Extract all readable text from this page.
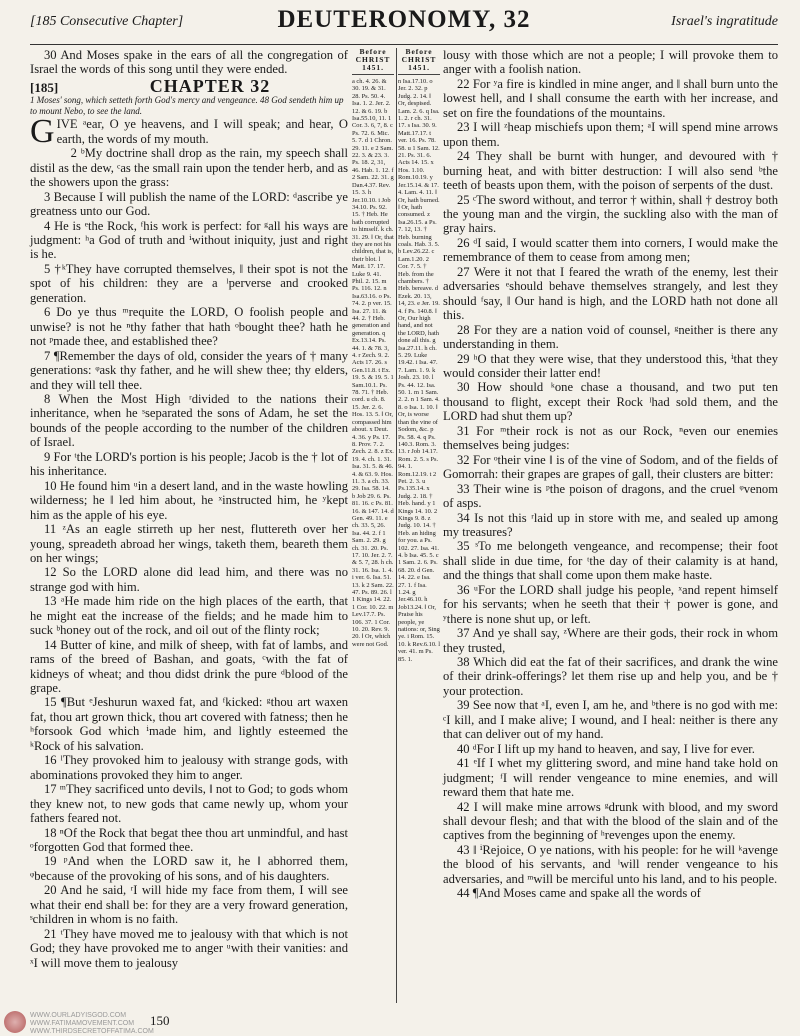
[185 Consecutive Chapter]	DEUTERONOMY, 32	Israel's ingratitude

30 And Moses spake in the ears of all the congregation of Israel the words of this song until they were ended.

[185]	CHAPTER 32

1 Moses' song, which setteth forth God's mercy and vengeance. 48 God sendeth him up to mount Nebo, to see the land.

GIVE ᵃear, O ye heavens, and I will speak; and hear, O earth, the words of my mouth.

2 ᵇMy doctrine shall drop as the rain, my speech shall distil as the dew, ᶜas the small rain upon the tender herb, and as the showers upon the grass:

3 Because I will publish the name of the LORD: ᵈascribe ye greatness unto our God.

4 He is ᵉthe Rock, ᶠhis work is perfect: for ᵍall his ways are judgment: ʰa God of truth and ⁱwithout iniquity, just and right is he.

5 †ᵏThey have corrupted themselves, ‖ their spot is not the spot of his children: they are a ˡperverse and crooked generation.

6 Do ye thus ᵐrequite the LORD, O foolish people and unwise? is not he ⁿthy father that hath ᵒbought thee? hath he not ᵖmade thee, and established thee?

7 ¶Remember the days of old, consider the years of † many generations: ᵠask thy father, and he will shew thee; thy elders, and they will tell thee.

8 When the Most High ʳdivided to the nations their inheritance, when he ˢseparated the sons of Adam, he set the bounds of the people according to the number of the children of Israel.

9 For ᵗthe LORD's portion is his people; Jacob is the † lot of his inheritance.

10 He found him ᵘin a desert land, and in the waste howling wilderness; he ‖ led him about, he ˣinstructed him, he ʸkept him as the apple of his eye.

11 ᶻAs an eagle stirreth up her nest, fluttereth over her young, spreadeth abroad her wings, taketh them, beareth them on her wings;

12 So the LORD alone did lead him, and there was no strange god with him.

13 ᵃHe made him ride on the high places of the earth, that he might eat the increase of the fields; and he made him to suck ᵇhoney out of the rock, and oil out of the flinty rock;

14 Butter of kine, and milk of sheep, with fat of lambs, and rams of the breed of Bashan, and goats, ᶜwith the fat of kidneys of wheat; and thou didst drink the pure ᵈblood of the grape.

15 ¶But ᵉJeshurun waxed fat, and ᶠkicked: ᵍthou art waxen fat, thou art grown thick, thou art covered with fatness; then he ʰforsook God which ⁱmade him, and lightly esteemed the ᵏRock of his salvation.

16 ˡThey provoked him to jealousy with strange gods, with abominations provoked they him to anger.

17 ᵐThey sacrificed unto devils, ‖ not to God; to gods whom they knew not, to new gods that came newly up, whom your fathers feared not.

18 ⁿOf the Rock that begat thee thou art unmindful, and hast ᵒforgotten God that formed thee.

19 ᵖAnd when the LORD saw it, he ‖ abhorred them, ᵠbecause of the provoking of his sons, and of his daughters.

20 And he said, ʳI will hide my face from them, I will see what their end shall be: for they are a very froward generation, ˢchildren in whom is no faith.

21 ᵗThey have moved me to jealousy with that which is not God; they have provoked me to anger ᵘwith their vanities: and ˣI will move them to jealousy

Before CHRIST 1451.
a ch. 4. 26. & 30. 19. & 31. 28. Ps. 50. 4. Isa. 1. 2. Jer. 2. 12. & 6. 19. b Isa.55.10, 11. 1 Cor. 3. 6, 7, 8. c Ps. 72. 6. Mic. 5. 7. d 1 Chron. 29. 11. e 2 Sam. 22. 3. & 23. 3. Ps. 18. 2, 31, 46. Hab. 1. 12. f 2 Sam. 22. 31. g Dan.4.37. Rev. 15. 3. h Jer.10.10. i Job 34.10. Ps. 92. 15. † Heb. He hath corrupted to himself. k ch. 31. 29. ‖ Or, that they are not his children, that is, their blot. l Matt. 17. 17. Luke 9. 41. Phil. 2. 15. m Ps. 116. 12. n Isa.63.16. o Ps. 74. 2. p ver. 15. Isa. 27. 11. & 44. 2. † Heb. generation and generation. q Ex.13.14. Ps. 44. 1. & 78. 3, 4. r Zech. 9. 2. Acts 17. 26. s Gen.11.8. t Ex. 19. 5. & 19. 5. 1 Sam.10.1. Ps. 78. 71. † Heb. cord. u ch. 8. 15. Jer. 2. 6. Hos. 13. 5. ‖ Or, compassed him about. x Deut. 4. 36. y Ps. 17. 8. Prov. 7. 2. Zech. 2. 8. z Ex. 19. 4. ch. 1. 31. Isa. 31. 5. & 46. 4. & 63. 9. Hos. 11. 3. a ch. 33. 29. Isa. 58. 14. b Job 29. 6. Ps. 81. 16. c Ps. 81. 16. & 147. 14. d Gen. 49. 11. e ch. 33. 5, 26. Isa. 44. 2. f 1 Sam. 2. 29. g ch. 31. 20. Ps. 17. 10. Jer. 2. 7. & 5. 7, 28. h ch. 31. 16. Isa. 1. 4. i ver. 6. Isa. 51. 13. k 2 Sam. 22. 47. Ps. 89. 26. l 1 Kings 14. 22. 1 Cor. 10. 22. m Lev.17.7. Ps. 106. 37. 1 Cor. 10. 20. Rev. 9. 20. ‖ Or, which were not God.
Before CHRIST 1451.
n Isa.17.10. o Jer. 2. 32. p Judg. 2. 14. ‖ Or, despised. Lam. 2. 6. q Isa. 1. 2. r ch. 31. 17. s Isa. 30. 9. Matt.17.17. t ver. 16. Ps. 78. 58. u 1 Sam. 12. 21. Ps. 31. 6. Acts 14. 15. x Hos. 1.10. Rom.10.19. y Jer.15.14. & 17. 4. Lam. 4. 11. ‖ Or, hath burned. ‖ Or, hath consumed. z Isa.26.15. a Ps. 7. 12, 13. † Heb. burning coals. Hab. 3. 5. b Lev.26.22. c Lam.1.20. 2 Cor. 7. 5. † Heb. from the chambers. † Heb. bereave. d Ezek. 20. 13, 14, 23. e Jer. 19. 4. f Ps. 140.8. ‖ Or, Our high hand, and not the LORD, hath done all this. g Isa.27.11. h ch. 5. 29. Luke 19.42. i Isa. 47. 7. Lam. 1. 9. k Josh. 23. 10. l Ps. 44. 12. Isa. 50. 1. m 1 Sam. 2. 2. n 1 Sam. 4. 8. o Isa. 1. 10. ‖ Or, is worse than the vine of Sodom, &c. p Ps. 58. 4. q Ps. 140.3. Rom. 3. 13. r Job 14.17. Rom. 2. 5. s Ps. 94. 1. Rom.12.19. t 2 Pet. 2. 3. u Ps.135.14. x Judg. 2. 18. † Heb. hand. y 1 Kings 14. 10. 2 Kings 9. 8. z Judg. 10. 14. † Heb. an hiding for you. a Ps. 102. 27. Isa. 41. 4. b Isa. 45. 5. c 1 Sam. 2. 6. Ps. 68. 20. d Gen. 14. 22. e Isa. 27. 1. f Isa. 1.24. g Jer.46.10. h Job13.24. ‖ Or, Praise his people, ye nations: or, Sing ye. i Rom. 15. 10. k Rev.6.10. l ver. 41. m Ps. 85. 1.

lousy with those which are not a people; I will provoke them to anger with a foolish nation.

22 For ʸa fire is kindled in mine anger, and ‖ shall burn unto the lowest hell, and ‖ shall consume the earth with her increase, and set on fire the foundations of the mountains.

23 I will ᶻheap mischiefs upon them; ᵃI will spend mine arrows upon them.

24 They shall be burnt with hunger, and devoured with † burning heat, and with bitter destruction: I will also send ᵇthe teeth of beasts upon them, with the poison of serpents of the dust.

25 ᶜThe sword without, and terror † within, shall † destroy both the young man and the virgin, the suckling also with the man of gray hairs.

26 ᵈI said, I would scatter them into corners, I would make the remembrance of them to cease from among men;

27 Were it not that I feared the wrath of the enemy, lest their adversaries ᵉshould behave themselves strangely, and lest they should ᶠsay, ‖ Our hand is high, and the LORD hath not done all this.

28 For they are a nation void of counsel, ᵍneither is there any understanding in them.

29 ʰO that they were wise, that they understood this, ⁱthat they would consider their latter end!

30 How should ᵏone chase a thousand, and two put ten thousand to flight, except their Rock ˡhad sold them, and the LORD had shut them up?

31 For ᵐtheir rock is not as our Rock, ⁿeven our enemies themselves being judges:

32 For ᵒtheir vine ‖ is of the vine of Sodom, and of the fields of Gomorrah: their grapes are grapes of gall, their clusters are bitter:

33 Their wine is ᵖthe poison of dragons, and the cruel ᵠvenom of asps.

34 Is not this ʳlaid up in store with me, and sealed up among my treasures?

35 ˢTo me belongeth vengeance, and recompense; their foot shall slide in due time, for ᵗthe day of their calamity is at hand, and the things that shall come upon them make haste.

36 ᵘFor the LORD shall judge his people, ˣand repent himself for his servants; when he seeth that their † power is gone, and ʸthere is none shut up, or left.

37 And ye shall say, ᶻWhere are their gods, their rock in whom they trusted,

38 Which did eat the fat of their sacrifices, and drank the wine of their drink-offerings? let them rise up and help you, and be † your protection.

39 See now that ᵃI, even I, am he, and ᵇthere is no god with me: ᶜI kill, and I make alive; I wound, and I heal: neither is there any that can deliver out of my hand.

40 ᵈFor I lift up my hand to heaven, and say, I live for ever.

41 ᵉIf I whet my glittering sword, and mine hand take hold on judgment; ᶠI will render vengeance to mine enemies, and will reward them that hate me.

42 I will make mine arrows ᵍdrunk with blood, and my sword shall devour flesh; and that with the blood of the slain and of the captives from the beginning of ʰrevenges upon the enemy.

43 ‖ ⁱRejoice, O ye nations, with his people: for he will ᵏavenge the blood of his servants, and ˡwill render vengeance to his adversaries, and ᵐwill be merciful unto his land, and to his people.

44 ¶And Moses came and spake all the words of

WWW.OURLADYISGOD.COM
WWW.FATIMAMOVEMENT.COM
WWW.THIRDSECRETOFFATIMA.COM
150
